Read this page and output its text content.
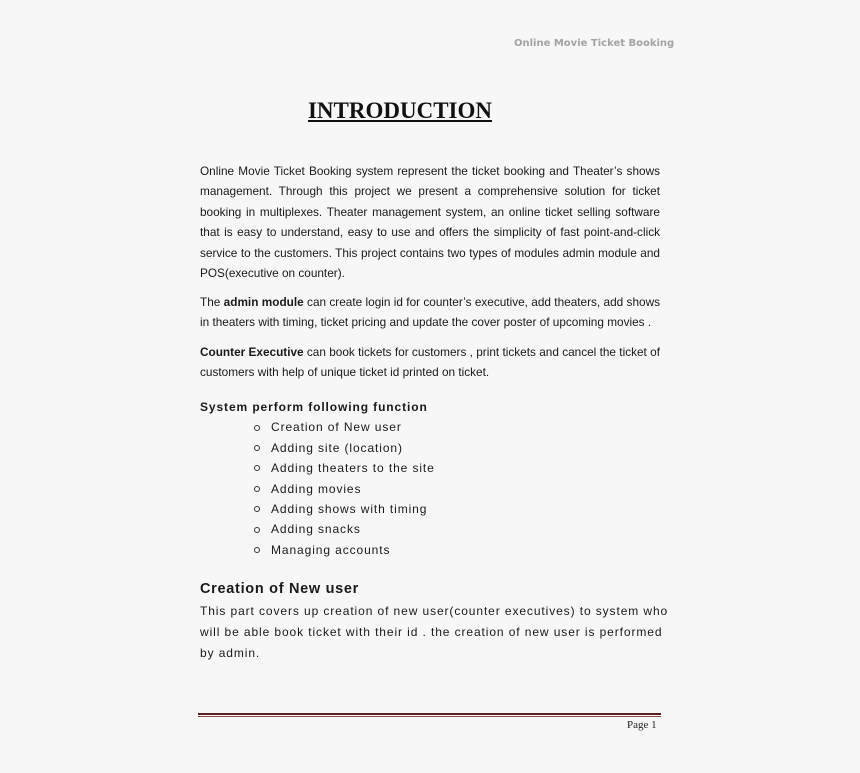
Online Movie Ticket Booking
INTRODUCTION
Online Movie Ticket Booking system represent the ticket booking and Theater’s shows management. Through this project we present a comprehensive solution for ticket booking in multiplexes. Theater management system, an online ticket selling software that is easy to understand, easy to use and offers the simplicity of fast point-and-click service to the customers. This project contains two types of modules admin module and POS(executive on counter).
The admin module can create login id for counter’s executive, add theaters, add shows in theaters with timing, ticket pricing and update the cover poster of upcoming movies .
Counter Executive can book tickets for customers , print tickets and cancel the ticket of customers with help of unique ticket id printed on ticket.
System perform following function
Creation of New user
Adding site (location)
Adding theaters to the site
Adding movies
Adding shows with timing
Adding snacks
Managing accounts
Creation of New user
This part covers up creation of new user(counter executives) to system who will be able book ticket with their id . the creation of new user is performed by admin.
Page 1
